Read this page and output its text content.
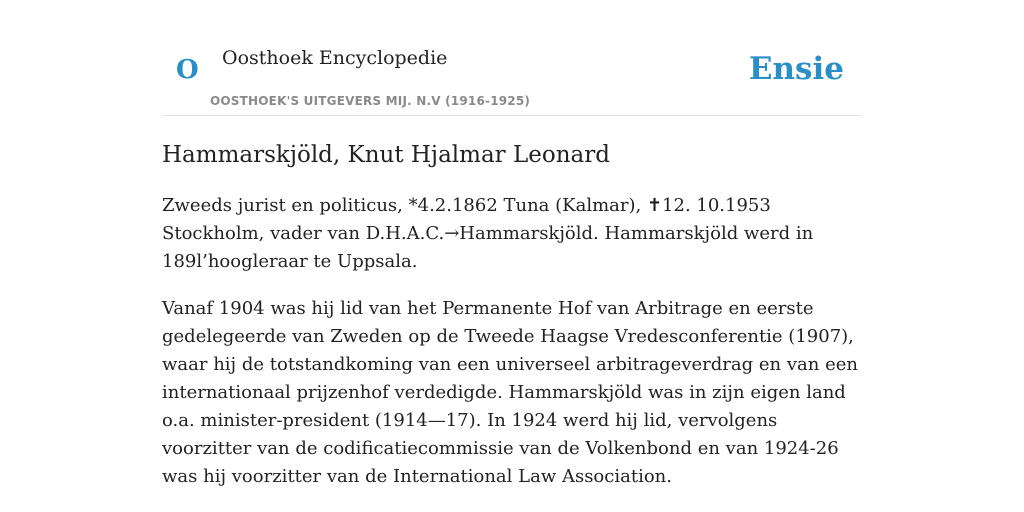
O Oosthoek Encyclopedie
OOSTHOEK'S UITGEVERS MIJ. N.V (1916-1925)
Ensie
Hammarskjöld, Knut Hjalmar Leonard

Zweeds jurist en politicus, *4.2.1862 Tuna (Kalmar), ✝12. 10.1953 Stockholm, vader van D.H.A.C.→Hammarskjöld. Hammarskjöld werd in 189l’hoogleraar te Uppsala.

Vanaf 1904 was hij lid van het Permanente Hof van Arbitrage en eerste gedelegeerde van Zweden op de Tweede Haagse Vredesconferentie (1907), waar hij de totstandkoming van een universeel arbitrageverdrag en van een internationaal prijzenhof verdedigde. Hammarskjöld was in zijn eigen land o.a. minister-president (1914—17). In 1924 werd hij lid, vervolgens voorzitter van de codificatiecommissie van de Volkenbond en van 1924-26 was hij voorzitter van de International Law Association.
